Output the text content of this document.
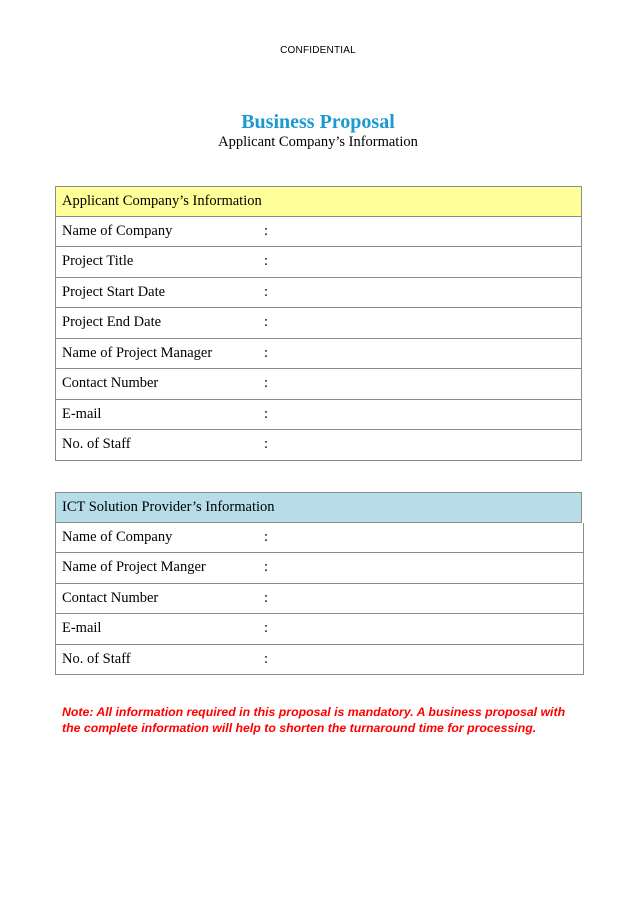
CONFIDENTIAL
Business Proposal
Applicant Company’s Information
Applicant Company’s Information
Name of Company	:
Project Title	:
Project Start Date	:
Project End Date	:
Name of Project Manager	:
Contact Number	:
E-mail	:
No. of Staff	:
ICT Solution Provider’s Information
Name of Company	:
Name of Project Manger	:
Contact Number	:
E-mail	:
No. of Staff	:
Note: All information required in this proposal is mandatory. A business proposal with the complete information will help to shorten the turnaround time for processing.
